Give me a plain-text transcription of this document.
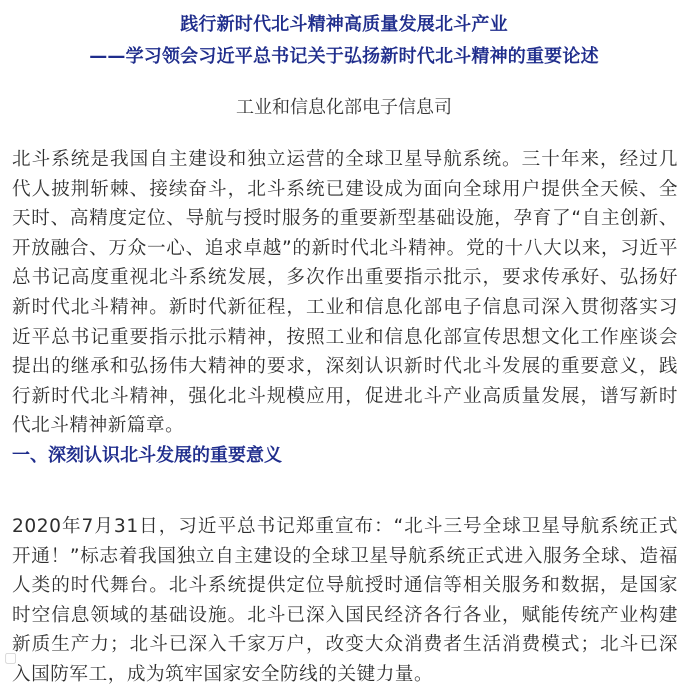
践行新时代北斗精神高质量发展北斗产业
——学习领会习近平总书记关于弘扬新时代北斗精神的重要论述

工业和信息化部电子信息司

北斗系统是我国自主建设和独立运营的全球卫星导航系统。三十年来，经过几代人披荆斩棘、接续奋斗，北斗系统已建设成为面向全球用户提供全天候、全天时、高精度定位、导航与授时服务的重要新型基础设施，孕育了“自主创新、开放融合、万众一心、追求卓越”的新时代北斗精神。党的十八大以来，习近平总书记高度重视北斗系统发展，多次作出重要指示批示，要求传承好、弘扬好新时代北斗精神。新时代新征程，工业和信息化部电子信息司深入贯彻落实习近平总书记重要指示批示精神，按照工业和信息化部宣传思想文化工作座谈会提出的继承和弘扬伟大精神的要求，深刻认识新时代北斗发展的重要意义，践行新时代北斗精神，强化北斗规模应用，促进北斗产业高质量发展，谱写新时代北斗精神新篇章。

一、深刻认识北斗发展的重要意义

2020年7月31日，习近平总书记郑重宣布：“北斗三号全球卫星导航系统正式开通！”标志着我国独立自主建设的全球卫星导航系统正式进入服务全球、造福人类的时代舞台。北斗系统提供定位导航授时通信等相关服务和数据，是国家时空信息领域的基础设施。北斗已深入国民经济各行各业，赋能传统产业构建新质生产力；北斗已深入千家万户，改变大众消费者生活消费模式；北斗已深入国防军工，成为筑牢国家安全防线的关键力量。

▢
